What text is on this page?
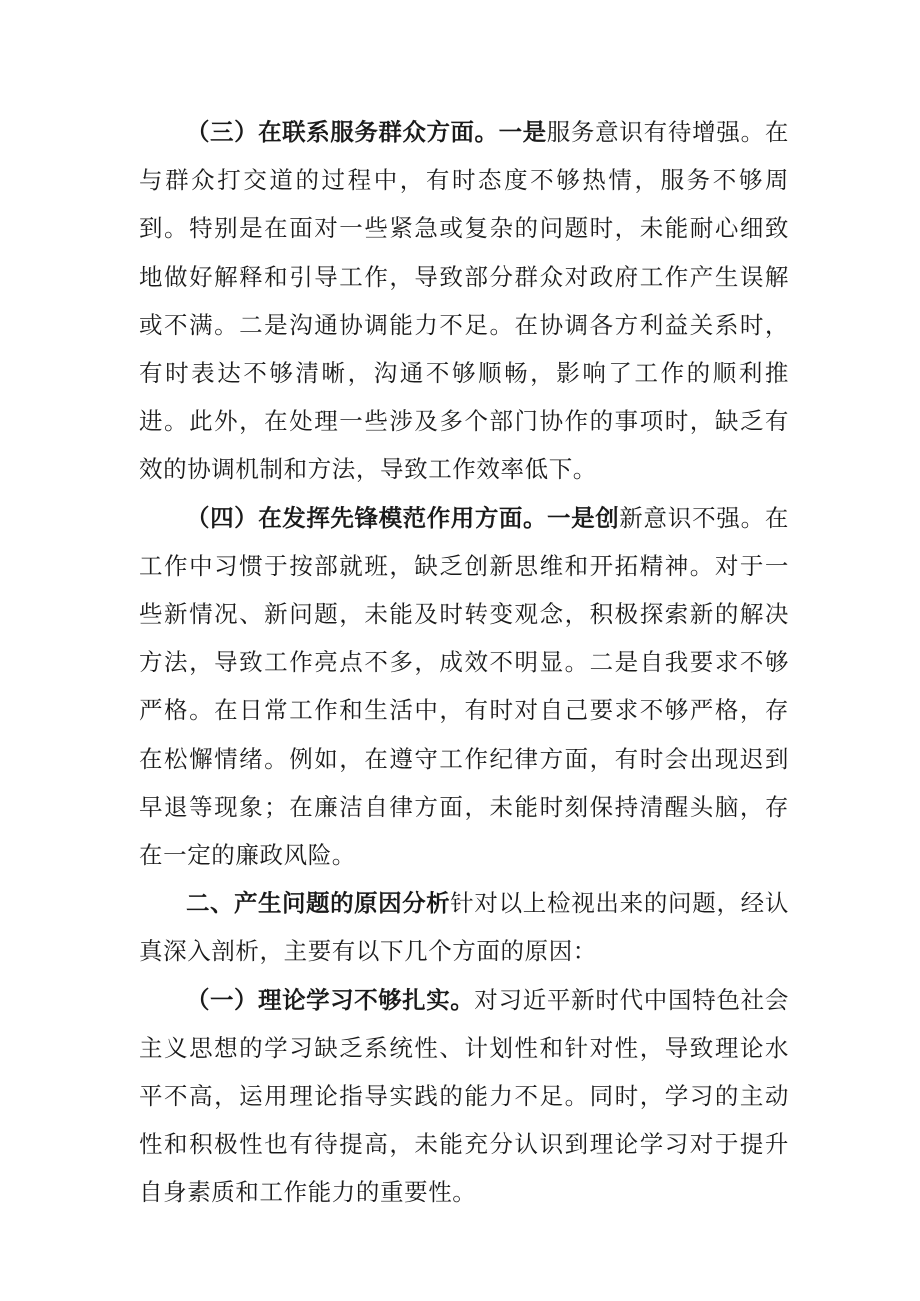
（三）在联系服务群众方面。一是服务意识有待增强。在与群众打交道的过程中，有时态度不够热情，服务不够周到。特别是在面对一些紧急或复杂的问题时，未能耐心细致地做好解释和引导工作，导致部分群众对政府工作产生误解或不满。二是沟通协调能力不足。在协调各方利益关系时，有时表达不够清晰，沟通不够顺畅，影响了工作的顺利推进。此外，在处理一些涉及多个部门协作的事项时，缺乏有效的协调机制和方法，导致工作效率低下。

（四）在发挥先锋模范作用方面。一是创新意识不强。在工作中习惯于按部就班，缺乏创新思维和开拓精神。对于一些新情况、新问题，未能及时转变观念，积极探索新的解决方法，导致工作亮点不多，成效不明显。二是自我要求不够严格。在日常工作和生活中，有时对自己要求不够严格，存在松懈情绪。例如，在遵守工作纪律方面，有时会出现迟到早退等现象；在廉洁自律方面，未能时刻保持清醒头脑，存在一定的廉政风险。

二、产生问题的原因分析针对以上检视出来的问题，经认真深入剖析，主要有以下几个方面的原因：

（一）理论学习不够扎实。对习近平新时代中国特色社会主义思想的学习缺乏系统性、计划性和针对性，导致理论水平不高，运用理论指导实践的能力不足。同时，学习的主动性和积极性也有待提高，未能充分认识到理论学习对于提升自身素质和工作能力的重要性。
